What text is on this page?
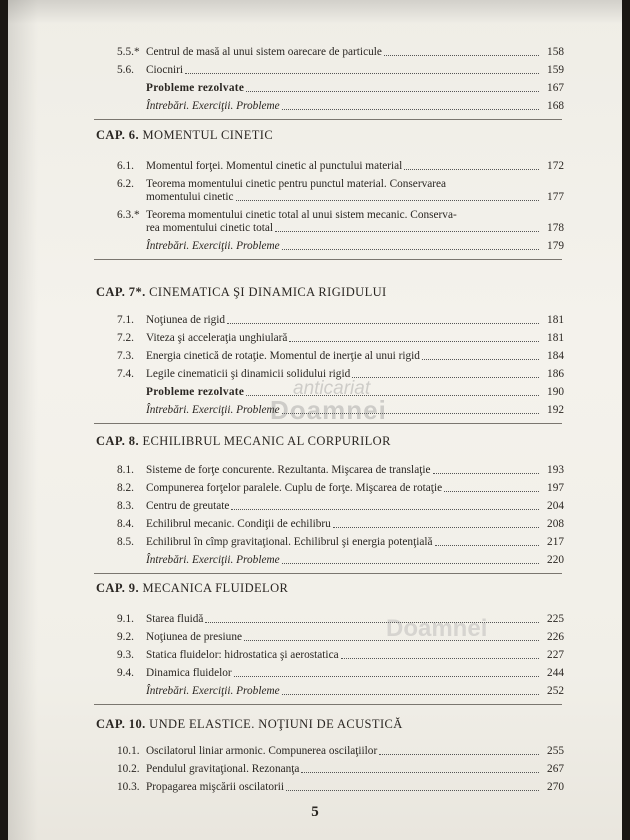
5.5.* Centrul de masă al unui sistem oarecare de particule	158
5.6.	Ciocniri	159
Probleme rezolvate	167
Întrebări. Exerciţii. Probleme	168
CAP. 6. MOMENTUL CINETIC
6.1.	Momentul forţei. Momentul cinetic al punctului material	172
6.2.	Teorema momentului cinetic pentru punctul material. Conservarea
momentului cinetic	177
6.3.* Teorema momentului cinetic total al unui sistem mecanic. Conserva-
rea momentului cinetic total	178
Întrebări. Exerciţii. Probleme	179
CAP. 7*. CINEMATICA ŞI DINAMICA RIGIDULUI
7.1.	Noţiunea de rigid	181
7.2.	Viteza şi acceleraţia unghiulară	181
7.3.	Energia cinetică de rotaţie. Momentul de inerţie al unui rigid	184
7.4.	Legile cinematicii şi dinamicii solidului rigid	186
Probleme rezolvate	190
Întrebări. Exerciţii. Probleme	192
CAP. 8. ECHILIBRUL MECANIC AL CORPURILOR
8.1.	Sisteme de forţe concurente. Rezultanta. Mişcarea de translaţie	193
8.2.	Compunerea forţelor paralele. Cuplu de forţe. Mişcarea de rotaţie	197
8.3.	Centru de greutate	204
8.4.	Echilibrul mecanic. Condiţii de echilibru	208
8.5.	Echilibrul în cîmp gravitaţional. Echilibrul şi energia potenţială	217
Întrebări. Exerciţii. Probleme	220
CAP. 9. MECANICA FLUIDELOR
9.1.	Starea fluidă	225
9.2.	Noţiunea de presiune	226
9.3.	Statica fluidelor: hidrostatica şi aerostatica	227
9.4.	Dinamica fluidelor	244
Întrebări. Exerciţii. Probleme	252
CAP. 10. UNDE ELASTICE. NOŢIUNI DE ACUSTICĂ
10.1. Oscilatorul liniar armonic. Compunerea oscilaţiilor	255
10.2. Pendulul gravitaţional. Rezonanţa	267
10.3. Propagarea mişcării oscilatorii	270
anticariat
Doamnei
Doamnei
5
